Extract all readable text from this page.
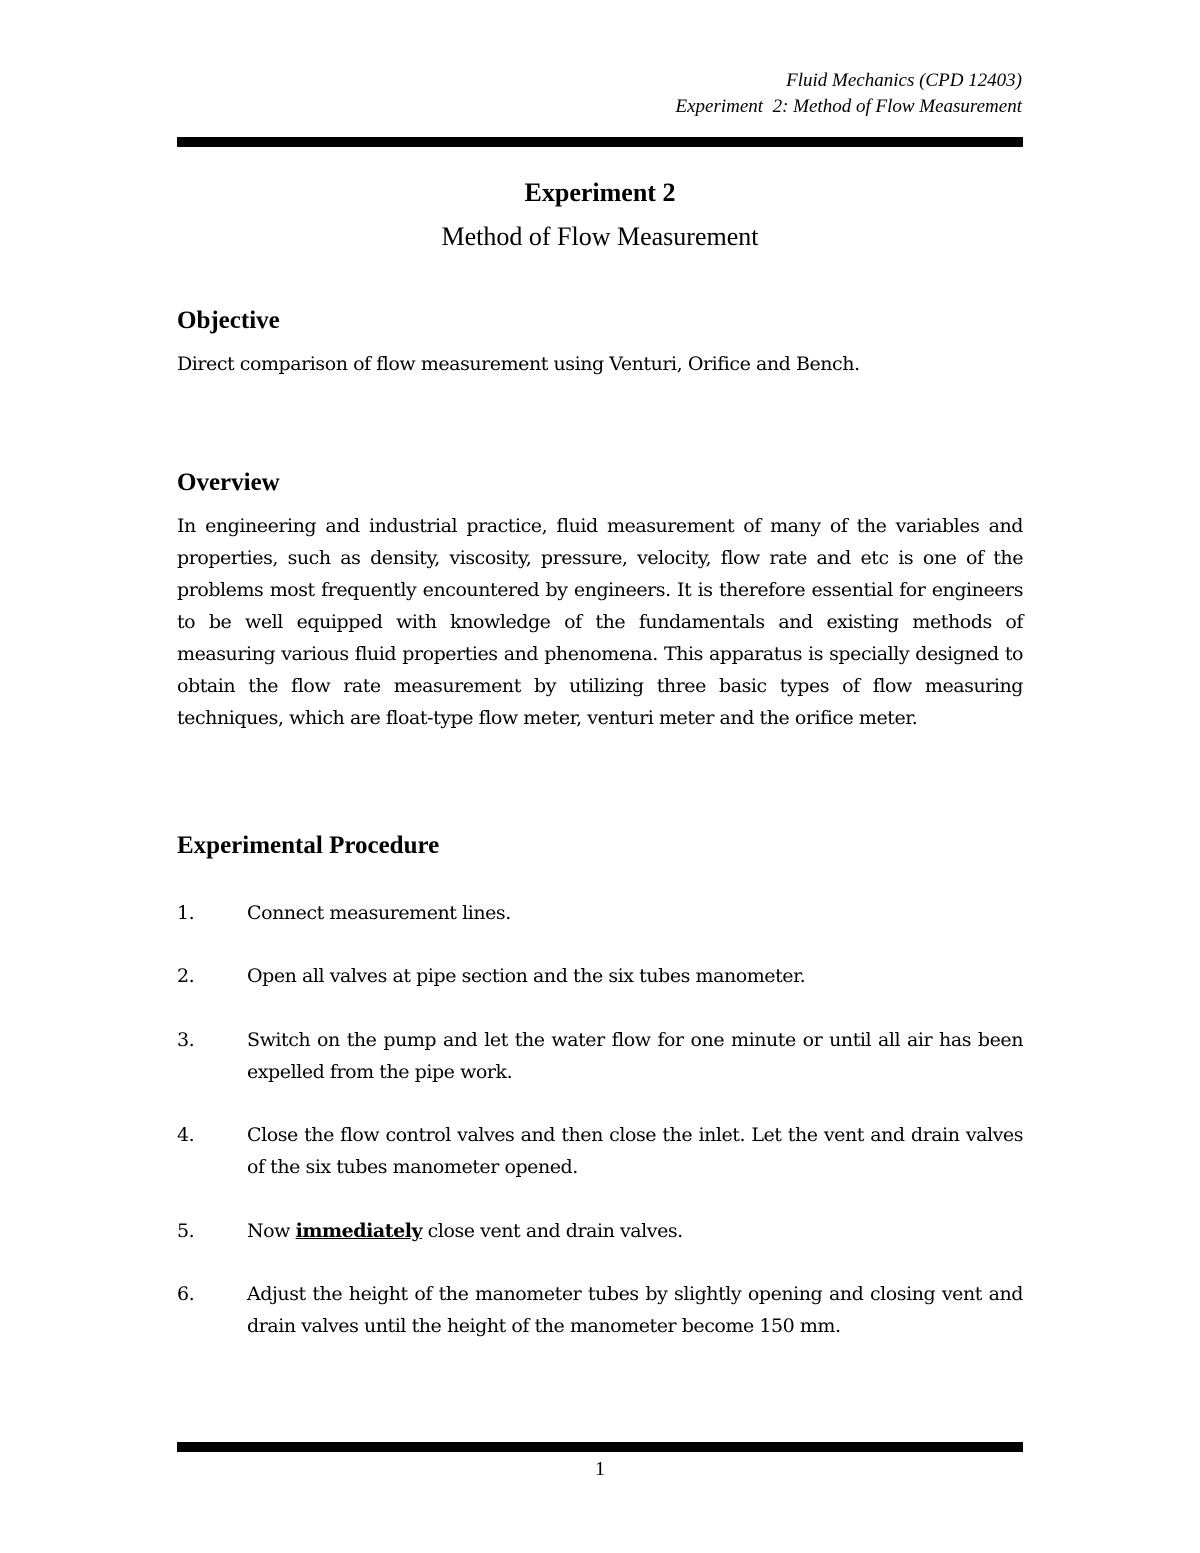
Fluid Mechanics (CPD 12403)
Experiment  2: Method of Flow Measurement
Experiment 2
Method of Flow Measurement
Objective
Direct comparison of flow measurement using Venturi, Orifice and Bench.
Overview
In engineering and industrial practice, fluid measurement of many of the variables and properties, such as density, viscosity, pressure, velocity, flow rate and etc is one of the problems most frequently encountered by engineers. It is therefore essential for engineers to be well equipped with knowledge of the fundamentals and existing methods of measuring various fluid properties and phenomena. This apparatus is specially designed to obtain the flow rate measurement by utilizing three basic types of flow measuring techniques, which are float-type flow meter, venturi meter and the orifice meter.
Experimental Procedure
1.	Connect measurement lines.
2.	Open all valves at pipe section and the six tubes manometer.
3.	Switch on the pump and let the water flow for one minute or until all air has been expelled from the pipe work.
4.	Close the flow control valves and then close the inlet. Let the vent and drain valves of the six tubes manometer opened.
5.	Now immediately close vent and drain valves.
6.	Adjust the height of the manometer tubes by slightly opening and closing vent and drain valves until the height of the manometer become 150 mm.
1
